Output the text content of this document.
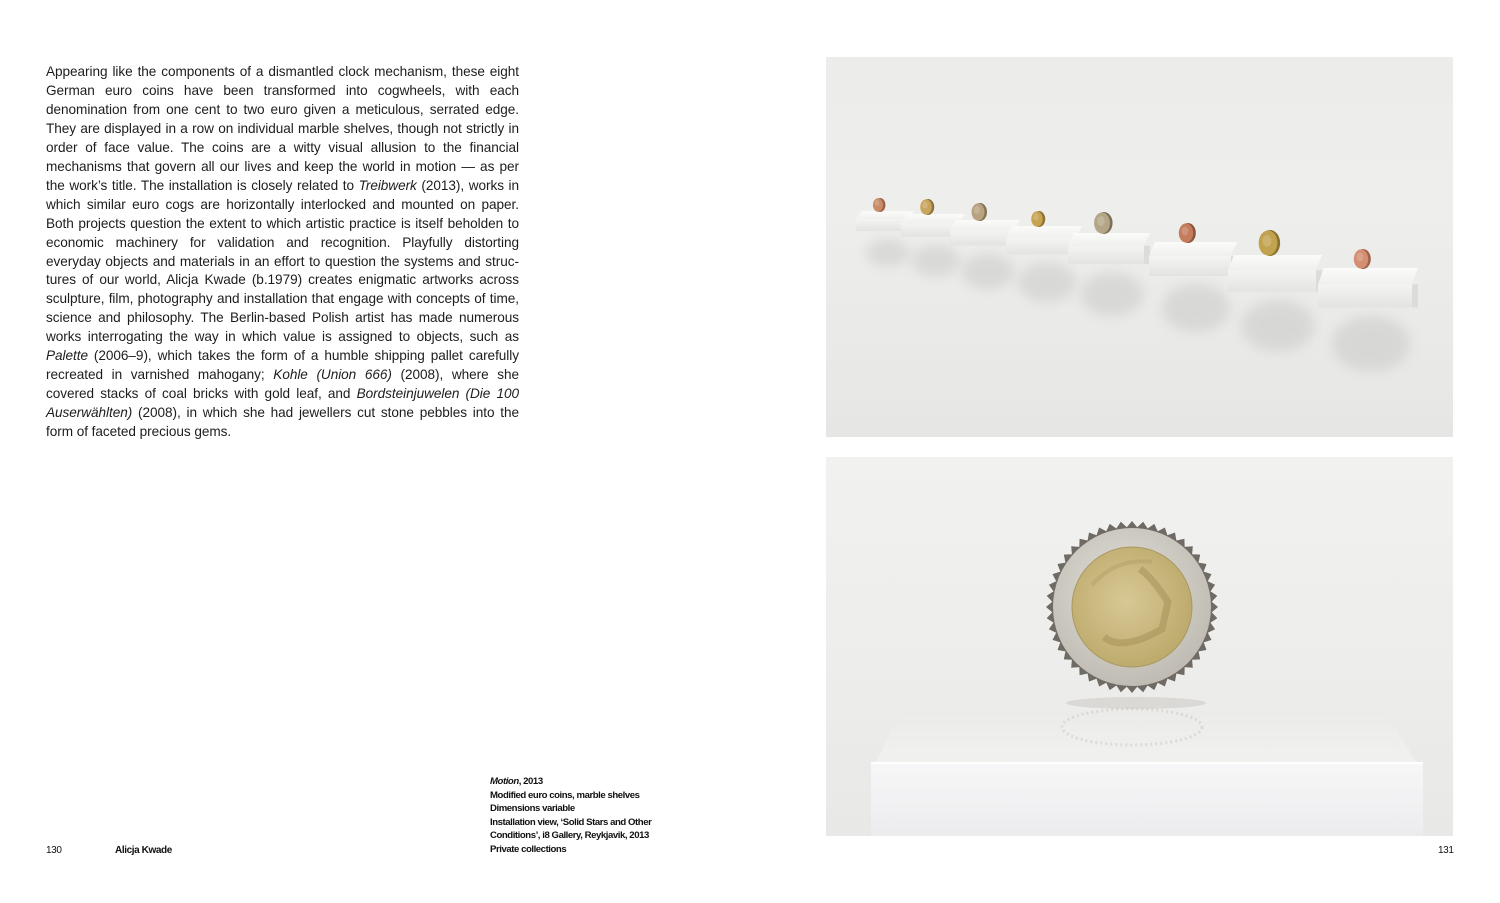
Appearing like the components of a dismantled clock mechanism, these eight German euro coins have been transformed into cogwheels, with each denomination from one cent to two euro given a meticulous, serrated edge. They are displayed in a row on individual marble shelves, though not strictly in order of face value. The coins are a witty visual allusion to the financial mechanisms that govern all our lives and keep the world in motion — as per the work’s title. The installation is closely related to Treibwerk (2013), works in which similar euro cogs are horizontally interlocked and mounted on paper. Both projects question the extent to which artistic practice is itself beholden to economic machinery for validation and recognition. Playfully distorting everyday objects and materials in an effort to question the systems and structures of our world, Alicja Kwade (b.1979) creates enigmatic artworks across sculpture, film, photography and installation that engage with concepts of time, science and philosophy. The Berlin-based Polish artist has made numerous works interrogating the way in which value is assigned to objects, such as Palette (2006–9), which takes the form of a humble shipping pallet carefully recreated in varnished mahogany; Kohle (Union 666) (2008), where she covered stacks of coal bricks with gold leaf, and Bordsteinjuwelen (Die 100 Auserwählten) (2008), in which she had jewellers cut stone pebbles into the form of faceted precious gems.
Motion, 2013
Modified euro coins, marble shelves
Dimensions variable
Installation view, ‘Solid Stars and Other
Conditions’, i8 Gallery, Reykjavik, 2013
Private collections
130	Alicja Kwade	131
